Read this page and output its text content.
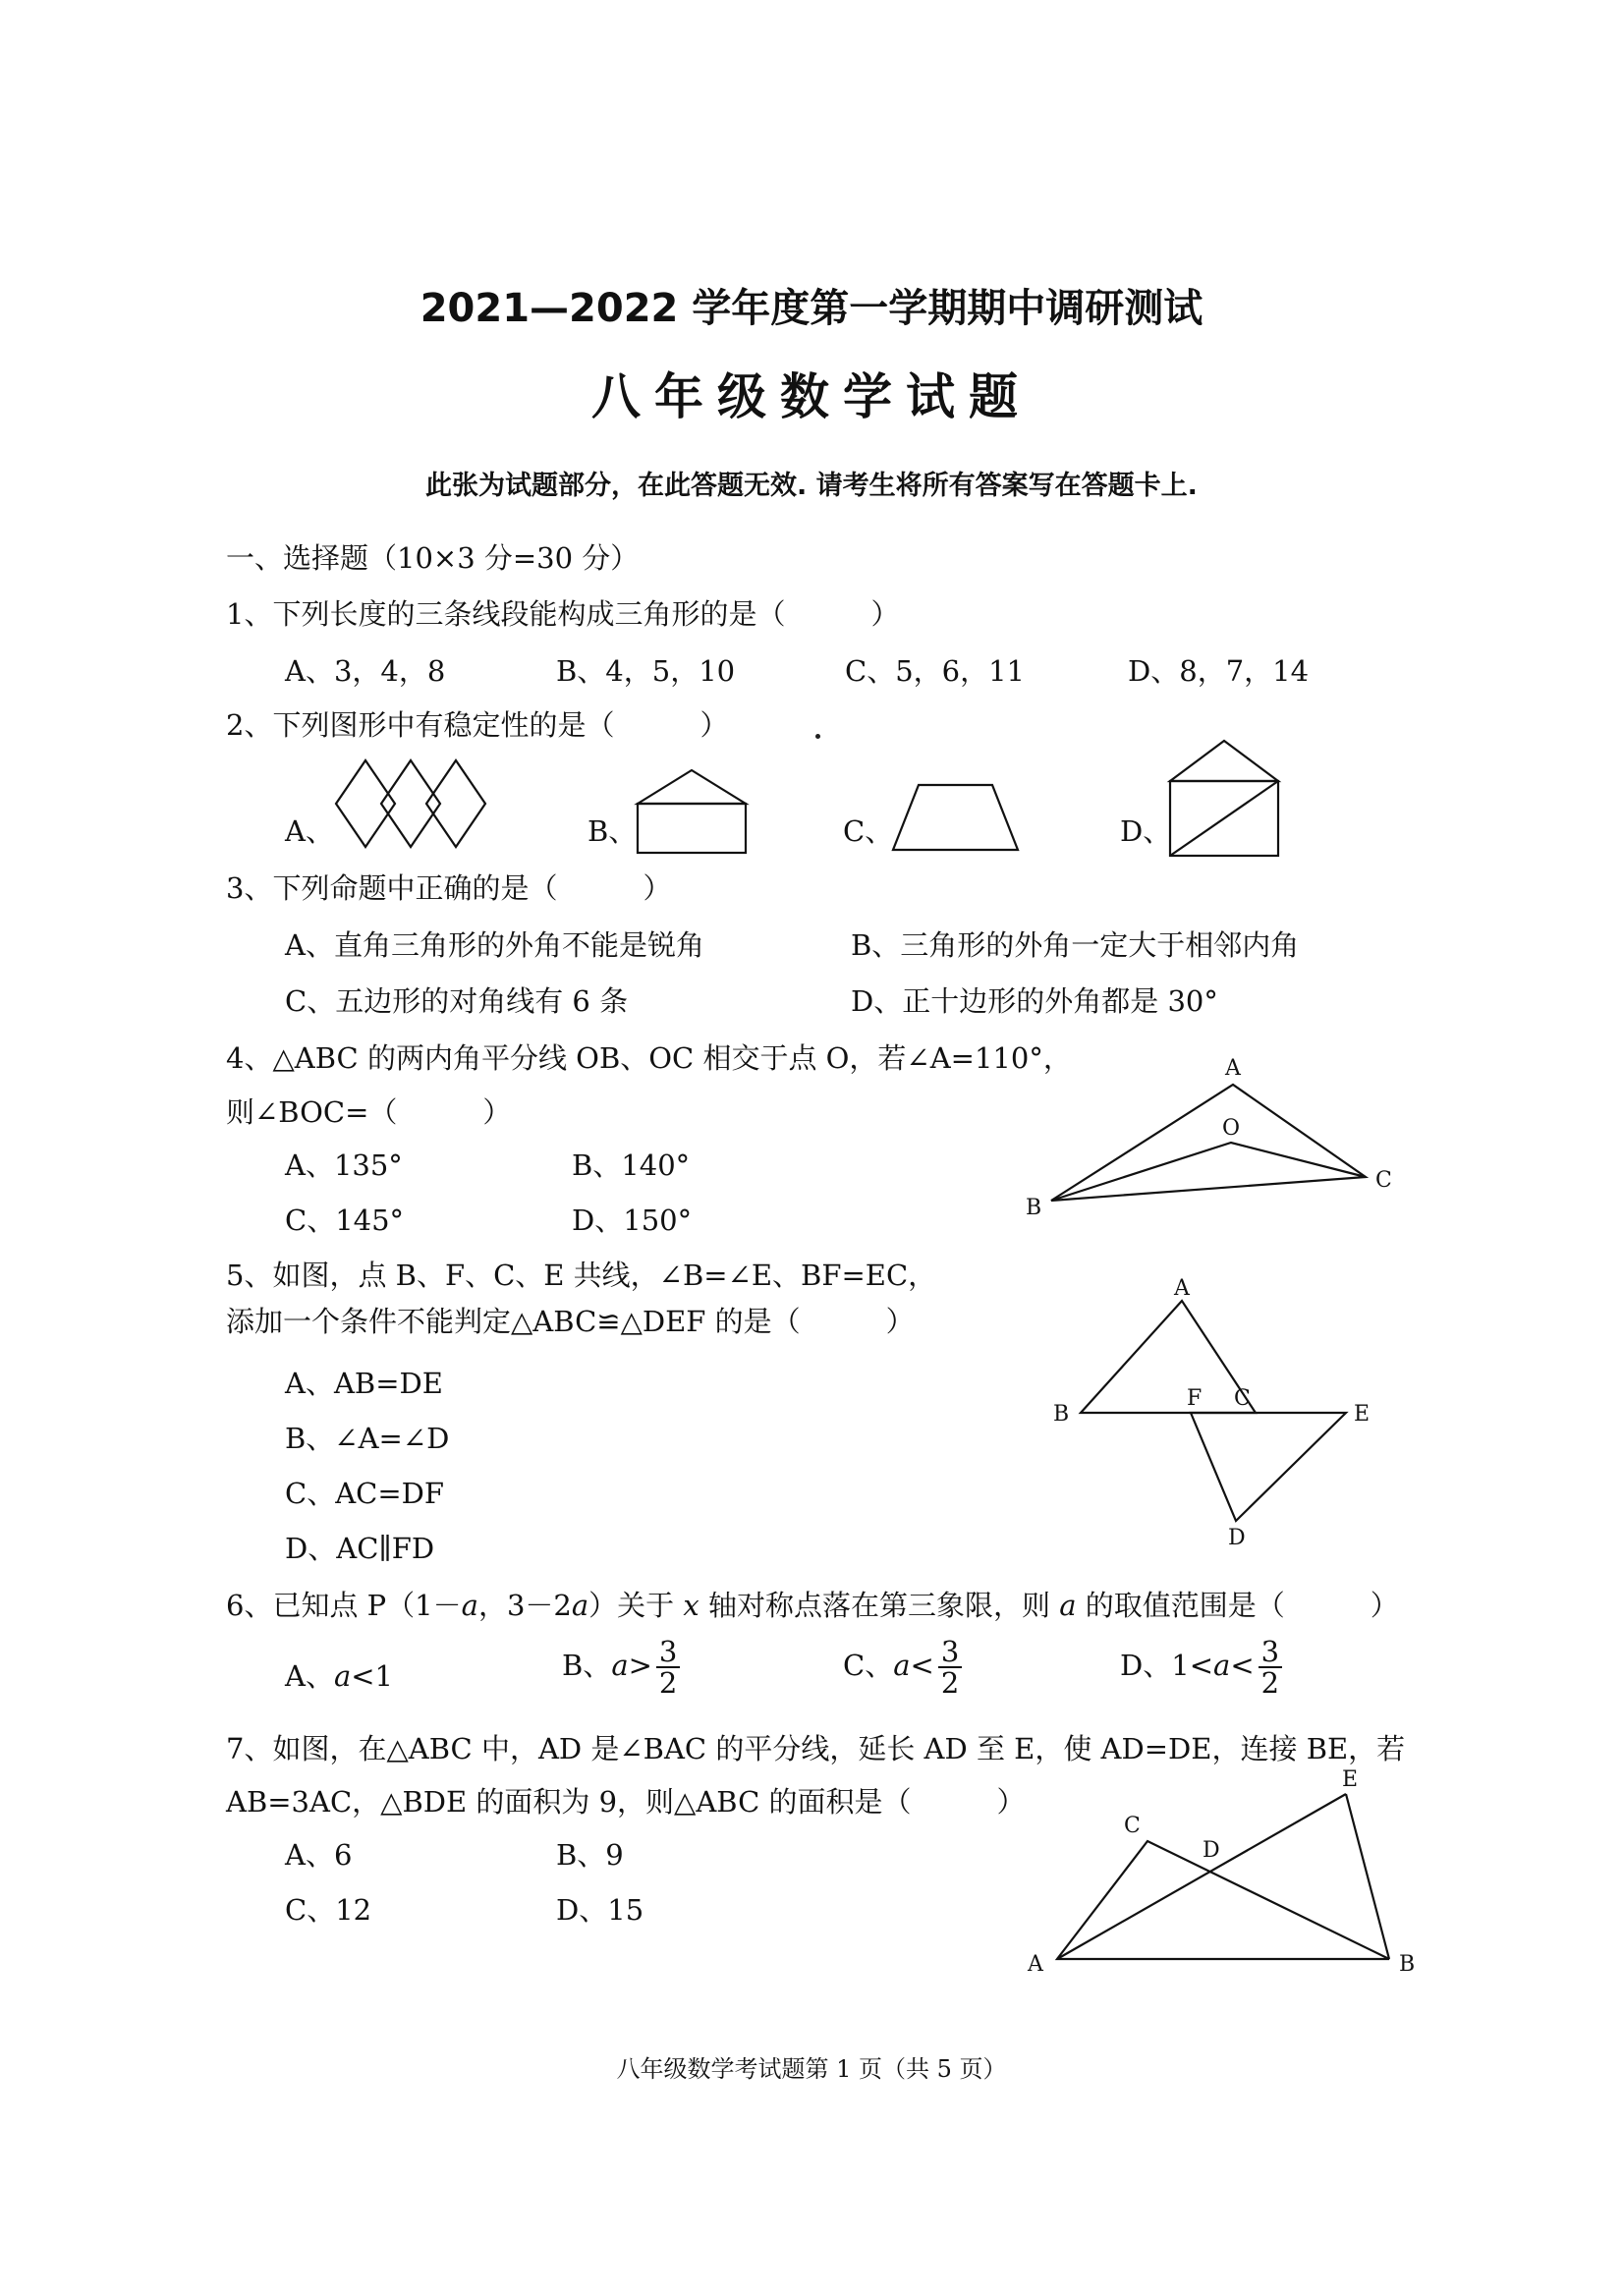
2021—2022 学年度第一学期期中调研测试
八年级数学试题
此张为试题部分，在此答题无效. 请考生将所有答案写在答题卡上.
一、选择题（10×3 分=30 分）
1、下列长度的三条线段能构成三角形的是（　　　）
A、3，4，8	B、4，5，10	C、5，6，11	D、8，7，14
2、下列图形中有稳定性的是（　　　）
A、	B、	C、	D、
3、下列命题中正确的是（　　　）
A、直角三角形的外角不能是锐角	B、三角形的外角一定大于相邻内角
C、五边形的对角线有 6 条	D、正十边形的外角都是 30°
4、△ABC 的两内角平分线 OB、OC 相交于点 O，若∠A=110°，
则∠BOC=（　　　）
A、135°	B、140°
C、145°	D、150°
A
O
B
C
5、如图，点 B、F、C、E 共线，∠B=∠E、BF=EC，
添加一个条件不能判定△ABC≌△DEF 的是（　　　）
A、AB=DE
B、∠A=∠D
C、AC=DF
D、AC∥FD
A
B
F C
E
D
6、已知点 P（1－a，3－2a）关于 x 轴对称点落在第三象限，则 a 的取值范围是（　　　）
A、a<1	B、$a> \frac{3}{2}$	C、$a< \frac{3}{2}$	D、$1<a< \frac{3}{2}$
7、如图，在△ABC 中，AD 是∠BAC 的平分线，延长 AD 至 E，使 AD=DE，连接 BE，若
AB=3AC，△BDE 的面积为 9，则△ABC 的面积是（　　　）
A、6	B、9
C、12	D、15
C
D
E
A	B
八年级数学考试题第 1 页（共 5 页）
